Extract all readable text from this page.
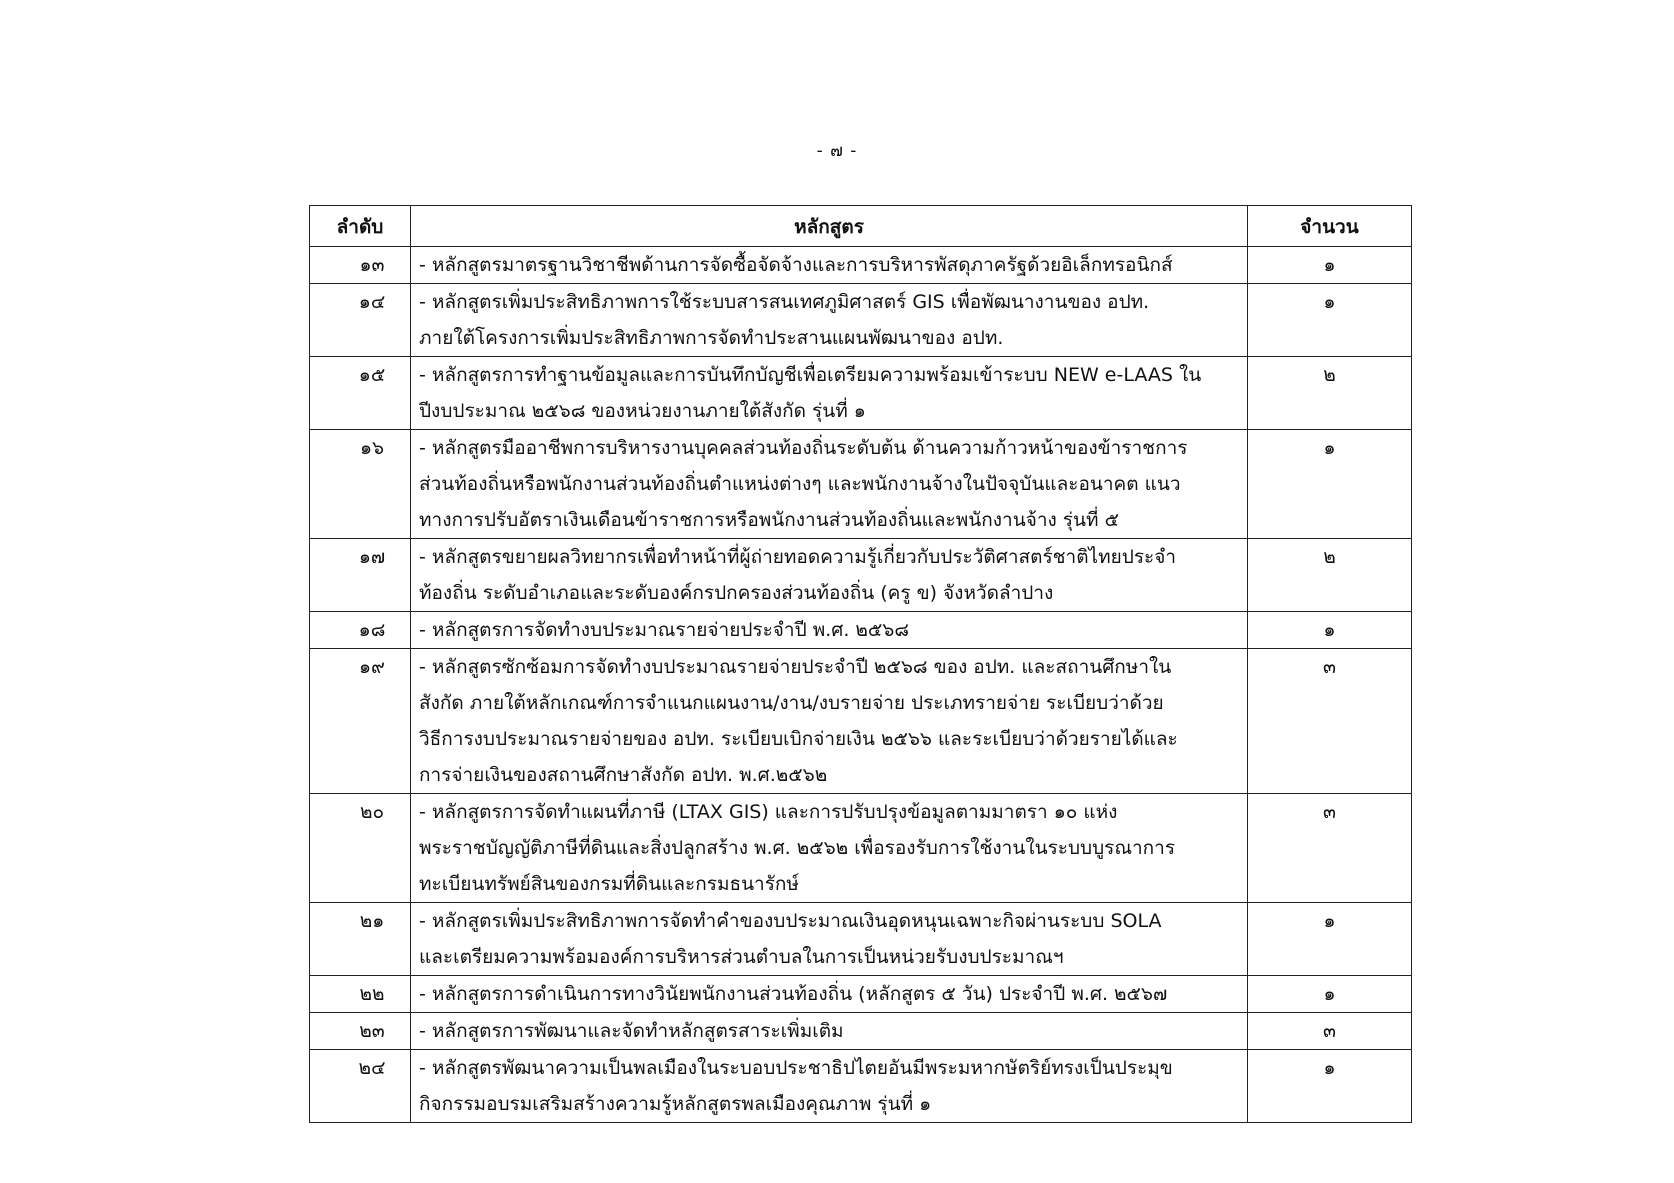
- ๗ -
ลำดับ	หลักสูตร	จำนวน
๑๓	- หลักสูตรมาตรฐานวิชาชีพด้านการจัดซื้อจัดจ้างและการบริหารพัสดุภาครัฐด้วยอิเล็กทรอนิกส์	๑
๑๔	- หลักสูตรเพิ่มประสิทธิภาพการใช้ระบบสารสนเทศภูมิศาสตร์ GIS เพื่อพัฒนางานของ อปท.
ภายใต้โครงการเพิ่มประสิทธิภาพการจัดทำประสานแผนพัฒนาของ อปท.	๑
๑๕	- หลักสูตรการทำฐานข้อมูลและการบันทึกบัญชีเพื่อเตรียมความพร้อมเข้าระบบ NEW e-LAAS ใน
ปีงบประมาณ ๒๕๖๘ ของหน่วยงานภายใต้สังกัด รุ่นที่ ๑	๒
๑๖	- หลักสูตรมืออาชีพการบริหารงานบุคคลส่วนท้องถิ่นระดับต้น ด้านความก้าวหน้าของข้าราชการ
ส่วนท้องถิ่นหรือพนักงานส่วนท้องถิ่นตำแหน่งต่างๆ และพนักงานจ้างในปัจจุบันและอนาคต แนว
ทางการปรับอัตราเงินเดือนข้าราชการหรือพนักงานส่วนท้องถิ่นและพนักงานจ้าง รุ่นที่ ๕	๑
๑๗	- หลักสูตรขยายผลวิทยากรเพื่อทำหน้าที่ผู้ถ่ายทอดความรู้เกี่ยวกับประวัติศาสตร์ชาติไทยประจำ
ท้องถิ่น ระดับอำเภอและระดับองค์กรปกครองส่วนท้องถิ่น (ครู ข) จังหวัดลำปาง	๒
๑๘	- หลักสูตรการจัดทำงบประมาณรายจ่ายประจำปี พ.ศ. ๒๕๖๘	๑
๑๙	- หลักสูตรซักซ้อมการจัดทำงบประมาณรายจ่ายประจำปี ๒๕๖๘ ของ อปท. และสถานศึกษาใน
สังกัด ภายใต้หลักเกณฑ์การจำแนกแผนงาน/งาน/งบรายจ่าย ประเภทรายจ่าย ระเบียบว่าด้วย
วิธีการงบประมาณรายจ่ายของ อปท. ระเบียบเบิกจ่ายเงิน ๒๕๖๖ และระเบียบว่าด้วยรายได้และ
การจ่ายเงินของสถานศึกษาสังกัด อปท. พ.ศ.๒๕๖๒	๓
๒๐	- หลักสูตรการจัดทำแผนที่ภาษี (LTAX GIS) และการปรับปรุงข้อมูลตามมาตรา ๑๐ แห่ง
พระราชบัญญัติภาษีที่ดินและสิ่งปลูกสร้าง พ.ศ. ๒๕๖๒ เพื่อรองรับการใช้งานในระบบบูรณาการ
ทะเบียนทรัพย์สินของกรมที่ดินและกรมธนารักษ์	๓
๒๑	- หลักสูตรเพิ่มประสิทธิภาพการจัดทำคำของบประมาณเงินอุดหนุนเฉพาะกิจผ่านระบบ SOLA
และเตรียมความพร้อมองค์การบริหารส่วนตำบลในการเป็นหน่วยรับงบประมาณฯ	๑
๒๒	- หลักสูตรการดำเนินการทางวินัยพนักงานส่วนท้องถิ่น (หลักสูตร ๕ วัน) ประจำปี พ.ศ. ๒๕๖๗	๑
๒๓	- หลักสูตรการพัฒนาและจัดทำหลักสูตรสาระเพิ่มเติม	๓
๒๔	- หลักสูตรพัฒนาความเป็นพลเมืองในระบอบประชาธิปไตยอันมีพระมหากษัตริย์ทรงเป็นประมุข
กิจกรรมอบรมเสริมสร้างความรู้หลักสูตรพลเมืองคุณภาพ รุ่นที่ ๑	๑
